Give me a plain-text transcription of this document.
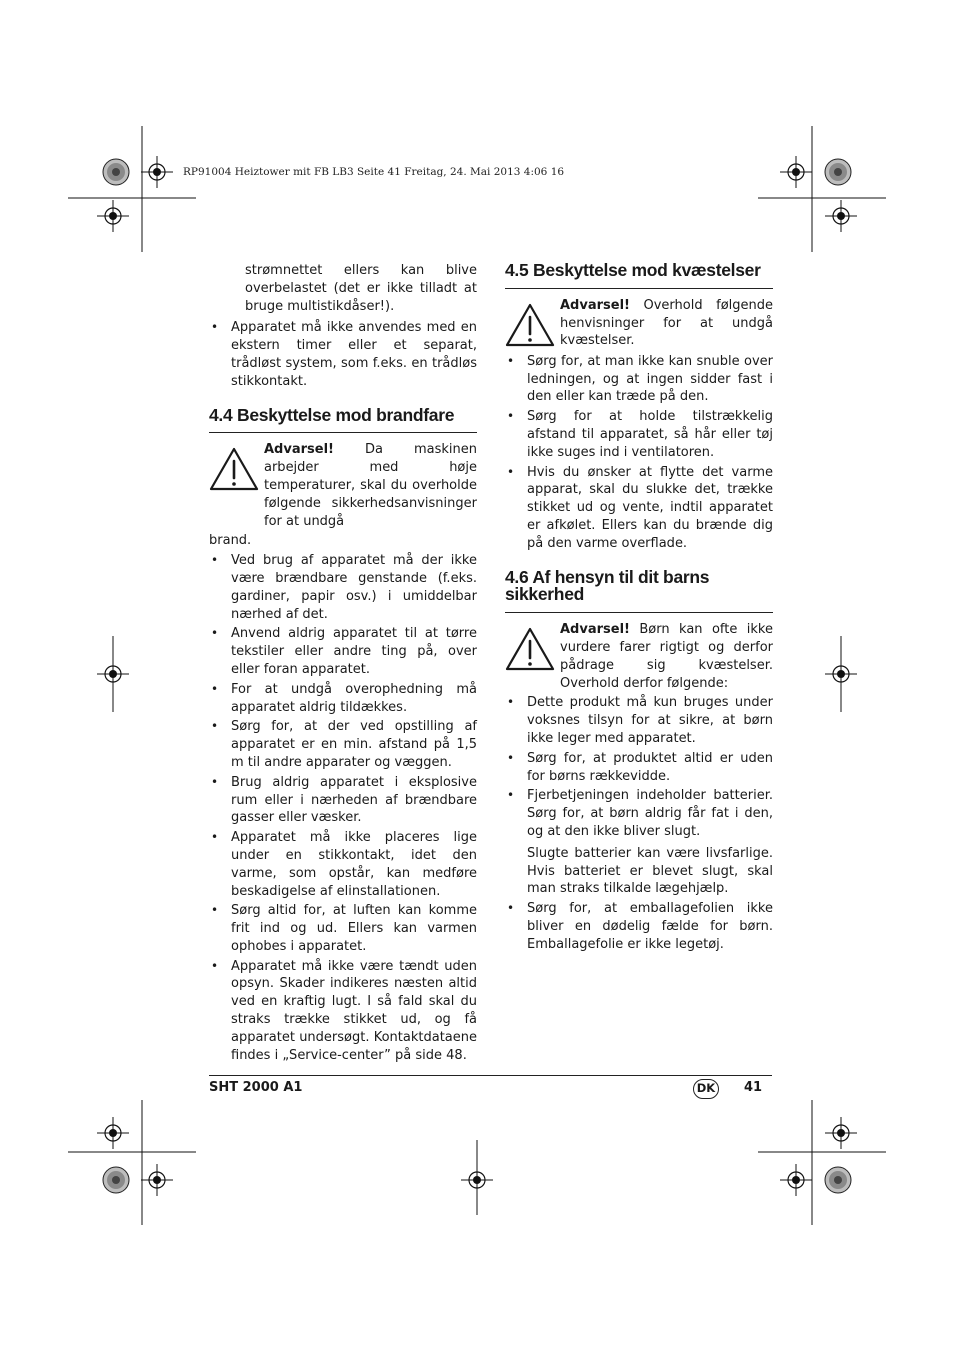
RP91004 Heiztower mit FB LB3 Seite 41 Freitag, 24. Mai 2013 4:06 16

strømnettet ellers kan blive overbelastet (det er ikke tilladt at bruge multistikdåser!).

• Apparatet må ikke anvendes med en ekstern timer eller et separat, trådløst system, som f.eks. en trådløs stikkontakt.
4.4 Beskyttelse mod brandfare
Advarsel! Da maskinen arbejder med høje temperaturer, skal du overholde følgende sikkerhedsanvisninger for at undgå

brand.

• Ved brug af apparatet må der ikke være brændbare genstande (f.eks. gardiner, papir osv.) i umiddelbar nærhed af det.
• Anvend aldrig apparatet til at tørre tekstiler eller andre ting på, over eller foran apparatet.
• For at undgå overophedning må apparatet aldrig tildækkes.
• Sørg for, at der ved opstilling af apparatet er en min. afstand på 1,5 m til andre apparater og væggen.
• Brug aldrig apparatet i eksplosive rum eller i nærheden af brændbare gasser eller væsker.
• Apparatet må ikke placeres lige under en stikkontakt, idet den varme, som opstår, kan medføre beskadigelse af elinstallationen.
• Sørg altid for, at luften kan komme frit ind og ud. Ellers kan varmen ophobes i apparatet.
• Apparatet må ikke være tændt uden opsyn. Skader indikeres næsten altid ved en kraftig lugt. I så fald skal du straks trække stikket ud, og få apparatet undersøgt. Kontaktdataene findes i „Service-center” på side 48.
4.5 Beskyttelse mod kvæstelser
Advarsel! Overhold følgende henvisninger for at undgå kvæstelser.
• Sørg for, at man ikke kan snuble over ledningen, og at ingen sidder fast i den eller kan træde på den.
• Sørg for at holde tilstrækkelig afstand til apparatet, så hår eller tøj ikke suges ind i ventilatoren.
• Hvis du ønsker at flytte det varme apparat, skal du slukke det, trække stikket ud og vente, indtil apparatet er afkølet. Ellers kan du brænde dig på den varme overflade.
4.6 Af hensyn til dit barns sikkerhed
Advarsel! Børn kan ofte ikke vurdere farer rigtigt og derfor pådrage sig kvæstelser. Overhold derfor følgende:
• Dette produkt må kun bruges under voksnes tilsyn for at sikre, at børn ikke leger med apparatet.
• Sørg for, at produktet altid er uden for børns rækkevidde.
• Fjerbetjeningen indeholder batterier. Sørg for, at børn aldrig får fat i den, og at den ikke bliver slugt.
Slugte batterier kan være livsfarlige. Hvis batteriet er blevet slugt, skal man straks tilkalde lægehjælp.
• Sørg for, at emballagefolien ikke bliver en dødelig fælde for børn. Emballagefolie er ikke legetøj.
SHT 2000 A1	DK 41
